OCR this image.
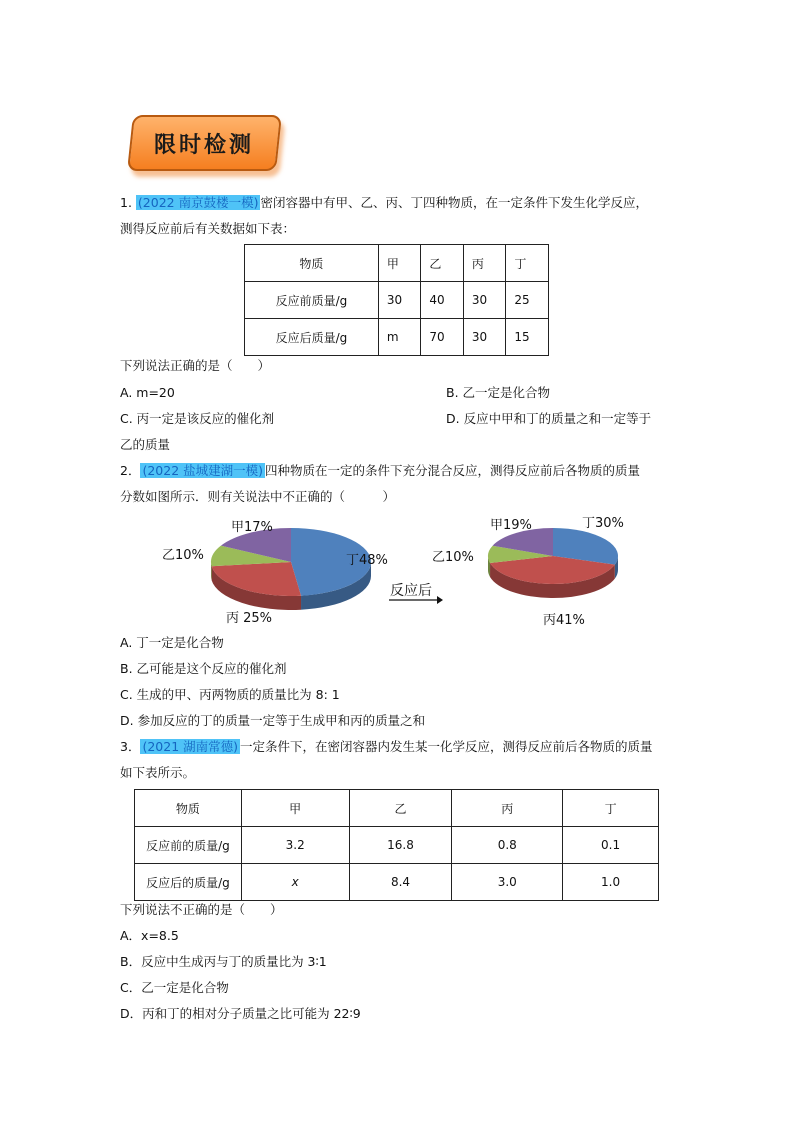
限时检测
1. (2022 南京鼓楼一模) 密闭容器中有甲、乙、丙、丁四种物质，在一定条件下发生化学反应，
测得反应前后有关数据如下表：
物质	甲	乙	丙	丁
反应前质量/g	30	40	30	25
反应后质量/g	m	70	30	15
下列说法正确的是（　　）
A. m=20	B. 乙一定是化合物
C. 丙一定是该反应的催化剂	D. 反应中甲和丁的质量之和一定等于
乙的质量
2． (2022 盐城建湖一模) 四种物质在一定的条件下充分混合反应，测得反应前后各物质的质量
分数如图所示．则有关说法中不正确的（　　　）
甲17%
乙10%	丁48%
丙 25%
反应后
甲19%
乙10%
丁30%
丙41%
A. 丁一定是化合物
B. 乙可能是这个反应的催化剂
C. 生成的甲、丙两物质的质量比为 8: 1
D. 参加反应的丁的质量一定等于生成甲和丙的质量之和
3． (2021 湖南常德) 一定条件下，在密闭容器内发生某一化学反应，测得反应前后各物质的质量
如下表所示。
物质	甲	乙	丙	丁
反应前的质量/g	3.2	16.8	0.8	0.1
反应后的质量/g	x	8.4	3.0	1.0
下列说法不正确的是（　　）
A．x=8.5
B．反应中生成丙与丁的质量比为 3∶1
C．乙一定是化合物
D．丙和丁的相对分子质量之比可能为 22∶9
